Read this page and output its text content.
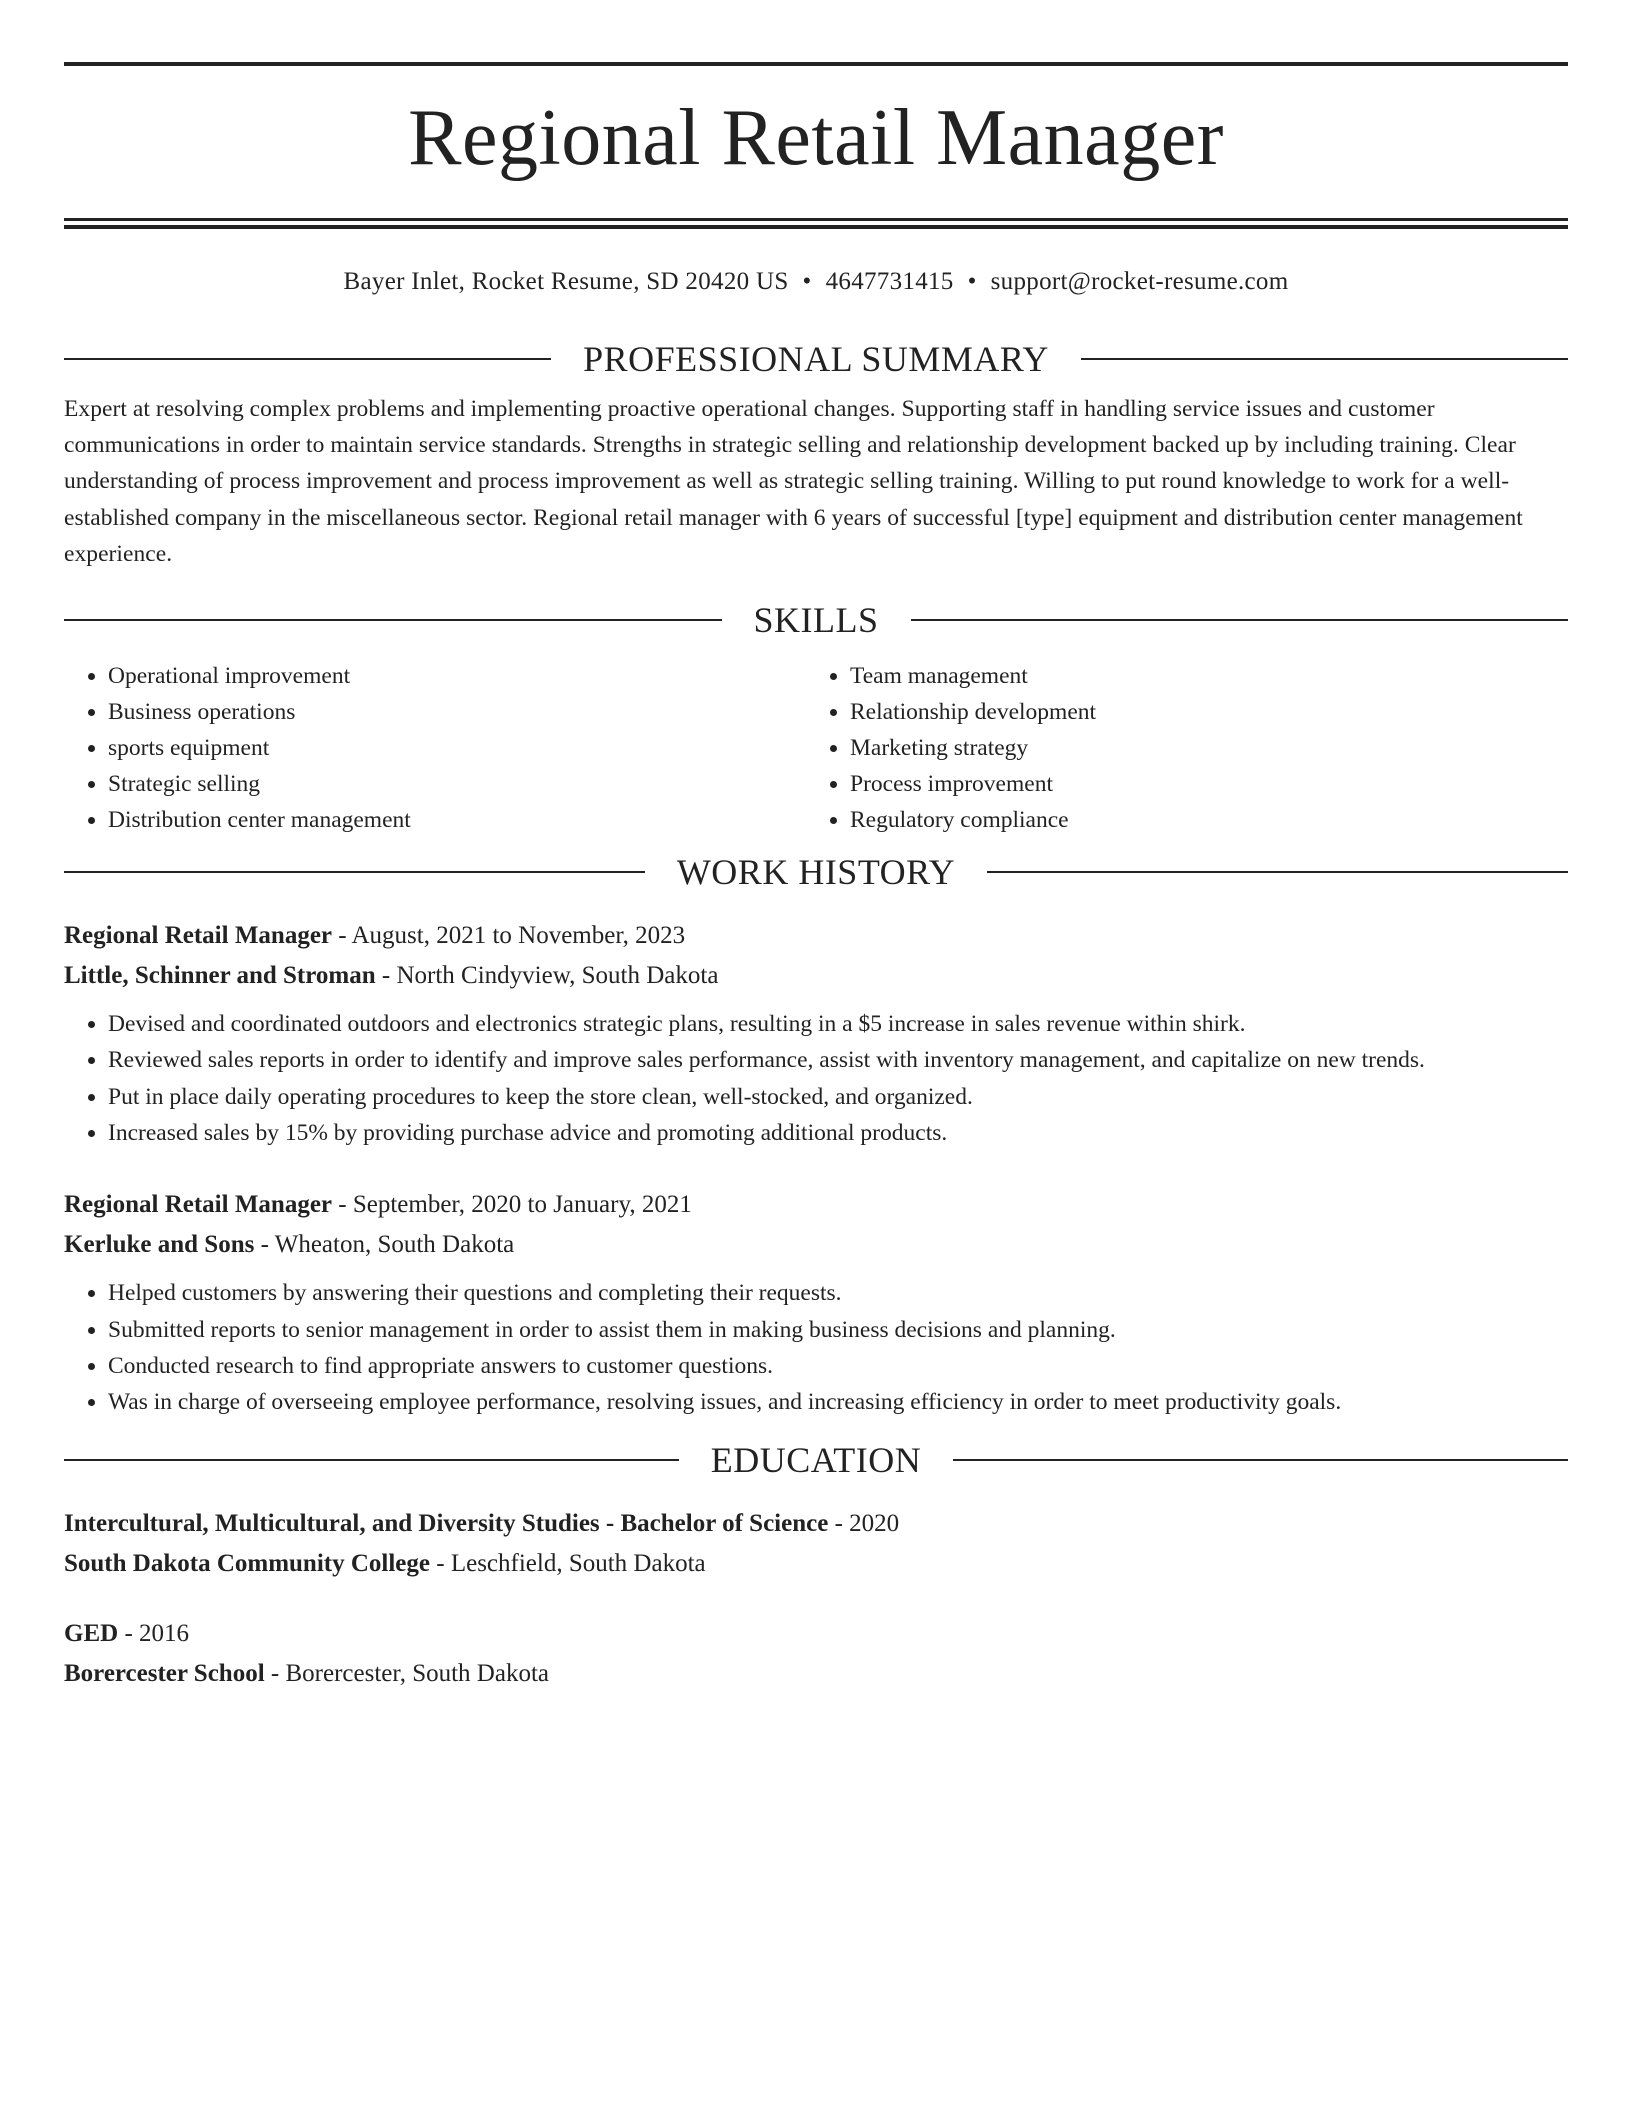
Regional Retail Manager
Bayer Inlet, Rocket Resume, SD 20420 US • 4647731415 • support@rocket-resume.com
PROFESSIONAL SUMMARY
Expert at resolving complex problems and implementing proactive operational changes. Supporting staff in handling service issues and customer communications in order to maintain service standards. Strengths in strategic selling and relationship development backed up by including training. Clear understanding of process improvement and process improvement as well as strategic selling training. Willing to put round knowledge to work for a well-established company in the miscellaneous sector. Regional retail manager with 6 years of successful [type] equipment and distribution center management experience.
SKILLS
• Operational improvement
• Business operations
• sports equipment
• Strategic selling
• Distribution center management
• Team management
• Relationship development
• Marketing strategy
• Process improvement
• Regulatory compliance
WORK HISTORY
Regional Retail Manager - August, 2021 to November, 2023
Little, Schinner and Stroman - North Cindyview, South Dakota
• Devised and coordinated outdoors and electronics strategic plans, resulting in a $5 increase in sales revenue within shirk.
• Reviewed sales reports in order to identify and improve sales performance, assist with inventory management, and capitalize on new trends.
• Put in place daily operating procedures to keep the store clean, well-stocked, and organized.
• Increased sales by 15% by providing purchase advice and promoting additional products.
Regional Retail Manager - September, 2020 to January, 2021
Kerluke and Sons - Wheaton, South Dakota
• Helped customers by answering their questions and completing their requests.
• Submitted reports to senior management in order to assist them in making business decisions and planning.
• Conducted research to find appropriate answers to customer questions.
• Was in charge of overseeing employee performance, resolving issues, and increasing efficiency in order to meet productivity goals.
EDUCATION
Intercultural, Multicultural, and Diversity Studies - Bachelor of Science - 2020
South Dakota Community College - Leschfield, South Dakota
GED - 2016
Borercester School - Borercester, South Dakota
